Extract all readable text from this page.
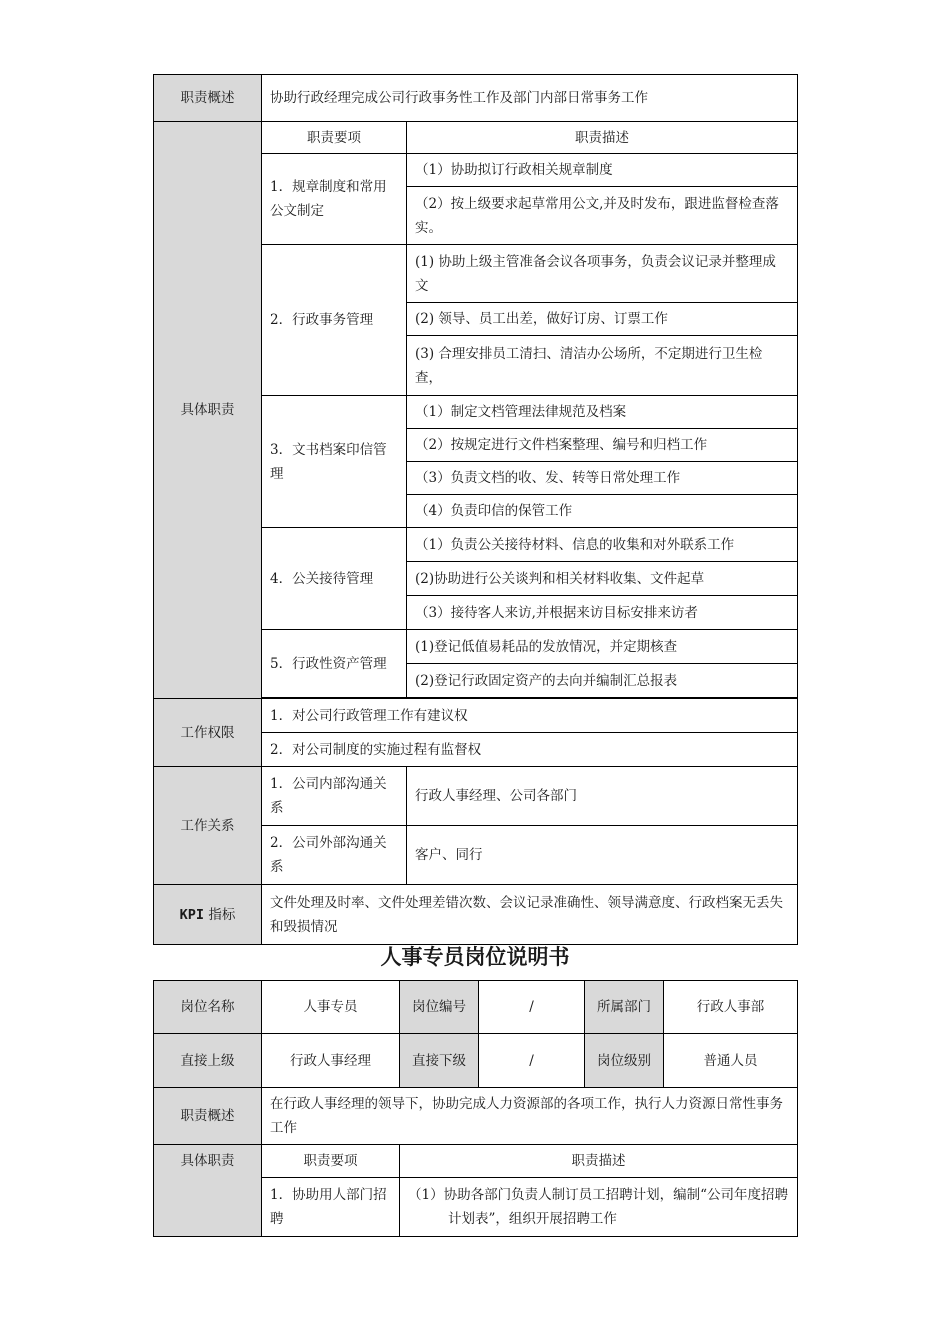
职责概述	协助行政经理完成公司行政事务性工作及部门内部日常事务工作	
具体职责	职责要项	职责描述
	1．规章制度和常用公文制定	（1）协助拟订行政相关规章制度
		（2）按上级要求起草常用公文,并及时发布，跟进监督检查落实。
	2．行政事务管理	(1) 协助上级主管准备会议各项事务，负责会议记录并整理成文
		(2) 领导、员工出差，做好订房、订票工作
		(3) 合理安排员工清扫、清洁办公场所，不定期进行卫生检查，
	3．文书档案印信管理	（1）制定文档管理法律规范及档案
		（2）按规定进行文件档案整理、编号和归档工作
		（3）负责文档的收、发、转等日常处理工作
		（4）负责印信的保管工作
	4．公关接待管理	（1）负责公关接待材料、信息的收集和对外联系工作
		(2)协助进行公关谈判和相关材料收集、文件起草
		（3）接待客人来访,并根据来访目标安排来访者
	5．行政性资产管理	(1)登记低值易耗品的发放情况，并定期核查
		(2)登记行政固定资产的去向并编制汇总报表

工作权限	1．对公司行政管理工作有建议权	
	2．对公司制度的实施过程有监督权	
工作关系	1．公司内部沟通关系	行政人事经理、公司各部门
	2．公司外部沟通关系	客户、同行
KPI 指标	文件处理及时率、文件处理差错次数、会议记录准确性、领导满意度、行政档案无丢失和毁损情况	
人事专员岗位说明书
岗位名称	人事专员	岗位编号	/	所属部门	行政人事部
直接上级	行政人事经理	直接下级	/	岗位级别	普通人员
职责概述	在行政人事经理的领导下，协助完成人力资源部的各项工作，执行人力资源日常性事务工作				
具体职责	职责要项	职责描述			
	1．协助用人部门招聘	（1）协助各部门负责人制订员工招聘计划，编制“公司年度招聘计划表”，组织开展招聘工作			
